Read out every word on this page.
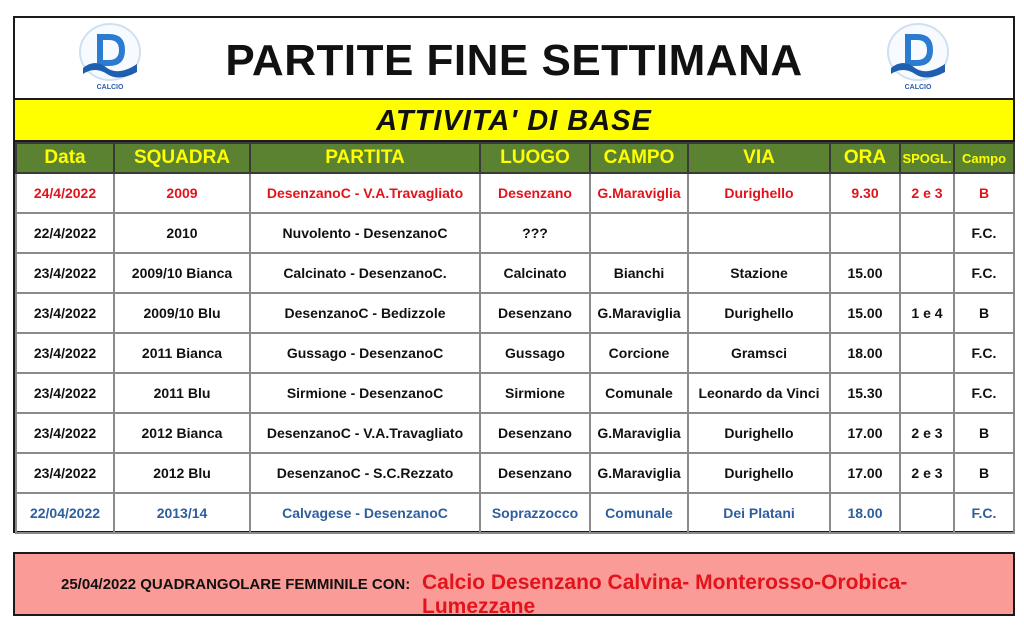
CALCIO
PARTITE FINE SETTIMANA
CALCIO
ATTIVITA' DI BASE
Data	SQUADRA	PARTITA	LUOGO	CAMPO	VIA	ORA	SPOGL.	Campo
24/4/2022	2009	DesenzanoC - V.A.Travagliato	Desenzano	G.Maraviglia	Durighello	9.30	2 e 3	B
22/4/2022	2010	Nuvolento - DesenzanoC	???					F.C.
23/4/2022	2009/10 Bianca	Calcinato - DesenzanoC.	Calcinato	Bianchi	Stazione	15.00		F.C.
23/4/2022	2009/10 Blu	DesenzanoC - Bedizzole	Desenzano	G.Maraviglia	Durighello	15.00	1 e 4	B
23/4/2022	2011 Bianca	Gussago - DesenzanoC	Gussago	Corcione	Gramsci	18.00		F.C.
23/4/2022	2011 Blu	Sirmione - DesenzanoC	Sirmione	Comunale	Leonardo da Vinci	15.30		F.C.
23/4/2022	2012 Bianca	DesenzanoC - V.A.Travagliato	Desenzano	G.Maraviglia	Durighello	17.00	2 e 3	B
23/4/2022	2012 Blu	DesenzanoC - S.C.Rezzato	Desenzano	G.Maraviglia	Durighello	17.00	2 e 3	B
22/04/2022	2013/14	Calvagese - DesenzanoC	Soprazzocco	Comunale	Dei Platani	18.00		F.C.
25/04/2022 QUADRANGOLARE FEMMINILE CON: Calcio Desenzano Calvina- Monterosso-Orobica-Lumezzane
